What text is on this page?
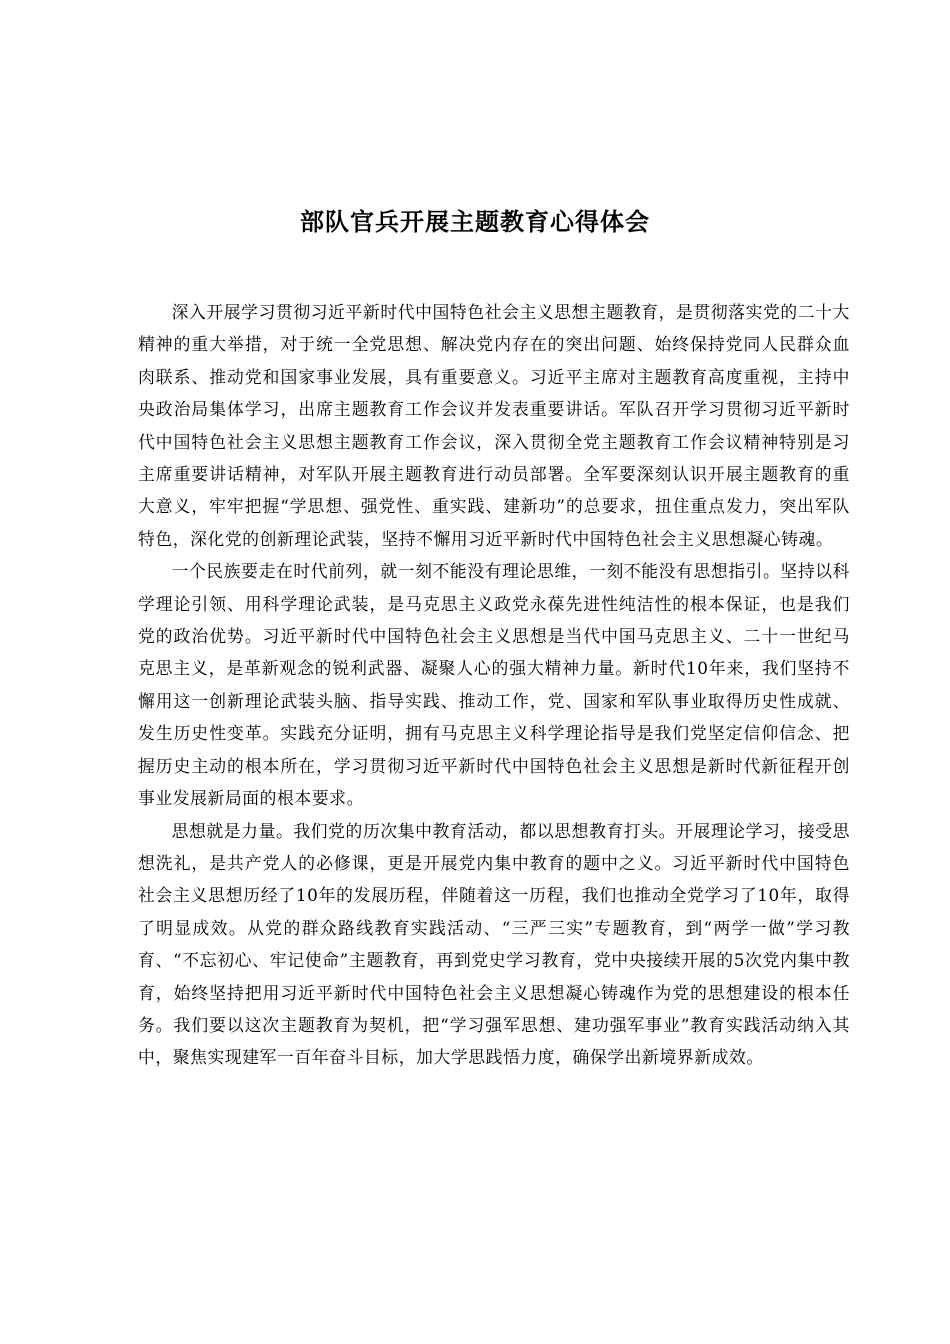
部队官兵开展主题教育心得体会

深入开展学习贯彻习近平新时代中国特色社会主义思想主题教育，是贯彻落实党的二十大精神的重大举措，对于统一全党思想、解决党内存在的突出问题、始终保持党同人民群众血肉联系、推动党和国家事业发展，具有重要意义。习近平主席对主题教育高度重视，主持中央政治局集体学习，出席主题教育工作会议并发表重要讲话。军队召开学习贯彻习近平新时代中国特色社会主义思想主题教育工作会议，深入贯彻全党主题教育工作会议精神特别是习主席重要讲话精神，对军队开展主题教育进行动员部署。全军要深刻认识开展主题教育的重大意义，牢牢把握“学思想、强党性、重实践、建新功”的总要求，扭住重点发力，突出军队特色，深化党的创新理论武装，坚持不懈用习近平新时代中国特色社会主义思想凝心铸魂。

一个民族要走在时代前列，就一刻不能没有理论思维，一刻不能没有思想指引。坚持以科学理论引领、用科学理论武装，是马克思主义政党永葆先进性纯洁性的根本保证，也是我们党的政治优势。习近平新时代中国特色社会主义思想是当代中国马克思主义、二十一世纪马克思主义，是革新观念的锐利武器、凝聚人心的强大精神力量。新时代10年来，我们坚持不懈用这一创新理论武装头脑、指导实践、推动工作，党、国家和军队事业取得历史性成就、发生历史性变革。实践充分证明，拥有马克思主义科学理论指导是我们党坚定信仰信念、把握历史主动的根本所在，学习贯彻习近平新时代中国特色社会主义思想是新时代新征程开创事业发展新局面的根本要求。

思想就是力量。我们党的历次集中教育活动，都以思想教育打头。开展理论学习，接受思想洗礼，是共产党人的必修课，更是开展党内集中教育的题中之义。习近平新时代中国特色社会主义思想历经了10年的发展历程，伴随着这一历程，我们也推动全党学习了10年，取得了明显成效。从党的群众路线教育实践活动、“三严三实”专题教育，到“两学一做”学习教育、“不忘初心、牢记使命”主题教育，再到党史学习教育，党中央接续开展的5次党内集中教育，始终坚持把用习近平新时代中国特色社会主义思想凝心铸魂作为党的思想建设的根本任务。我们要以这次主题教育为契机，把“学习强军思想、建功强军事业”教育实践活动纳入其中，聚焦实现建军一百年奋斗目标，加大学思践悟力度，确保学出新境界新成效。
